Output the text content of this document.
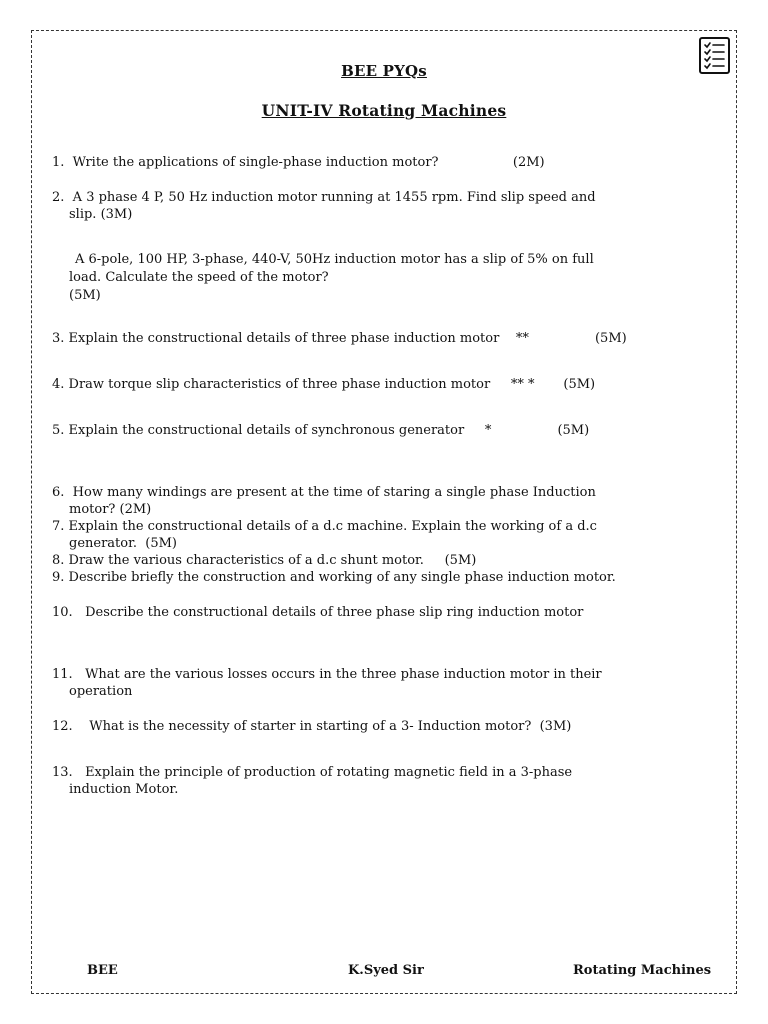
BEE PYQs
UNIT-IV Rotating Machines
1.  Write the applications of single-phase induction motor?                  (2M)
2.  A 3 phase 4 P, 50 Hz induction motor running at 1455 rpm. Find slip speed and
slip. (3M)
A 6-pole, 100 HP, 3-phase, 440-V, 50Hz induction motor has a slip of 5% on full
load. Calculate the speed of the motor?
(5M)
3. Explain the constructional details of three phase induction motor    **                (5M)
4. Draw torque slip characteristics of three phase induction motor     ** *       (5M)
5. Explain the constructional details of synchronous generator     *                (5M)
6.  How many windings are present at the time of staring a single phase Induction
motor? (2M)
7. Explain the constructional details of a d.c machine. Explain the working of a d.c
generator.  (5M)
8. Draw the various characteristics of a d.c shunt motor.     (5M)
9. Describe briefly the construction and working of any single phase induction motor.
10.   Describe the constructional details of three phase slip ring induction motor
11.   What are the various losses occurs in the three phase induction motor in their
operation
12.    What is the necessity of starter in starting of a 3- Induction motor?  (3M)
13.   Explain the principle of production of rotating magnetic field in a 3-phase
induction Motor.
BEE	K.Syed Sir	Rotating Machines
